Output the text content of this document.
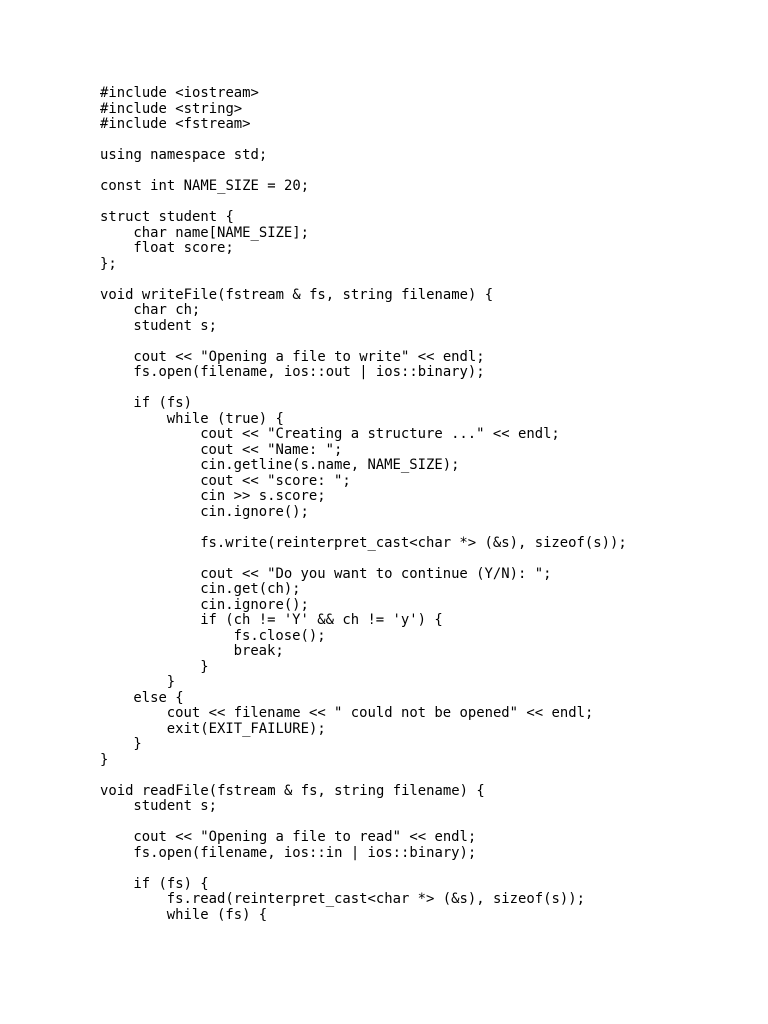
#include <iostream>
#include <string>
#include <fstream>
using namespace std;
const int NAME_SIZE = 20;
struct student {
char name[NAME_SIZE];
float score;
};
void writeFile(fstream & fs, string filename) {
char ch;
student s;
cout << "Opening a file to write" << endl;
fs.open(filename, ios::out | ios::binary);
if (fs)
while (true) {
cout << "Creating a structure ..." << endl;
cout << "Name: ";
cin.getline(s.name, NAME_SIZE);
cout << "score: ";
cin >> s.score;
cin.ignore();
fs.write(reinterpret_cast<char *> (&s), sizeof(s));
cout << "Do you want to continue (Y/N): ";
cin.get(ch);
cin.ignore();
if (ch != 'Y' && ch != 'y') {
fs.close();
break;
}
}
else {
cout << filename << " could not be opened" << endl;
exit(EXIT_FAILURE);
}
}
void readFile(fstream & fs, string filename) {
student s;
cout << "Opening a file to read" << endl;
fs.open(filename, ios::in | ios::binary);
if (fs) {
fs.read(reinterpret_cast<char *> (&s), sizeof(s));
while (fs) {
